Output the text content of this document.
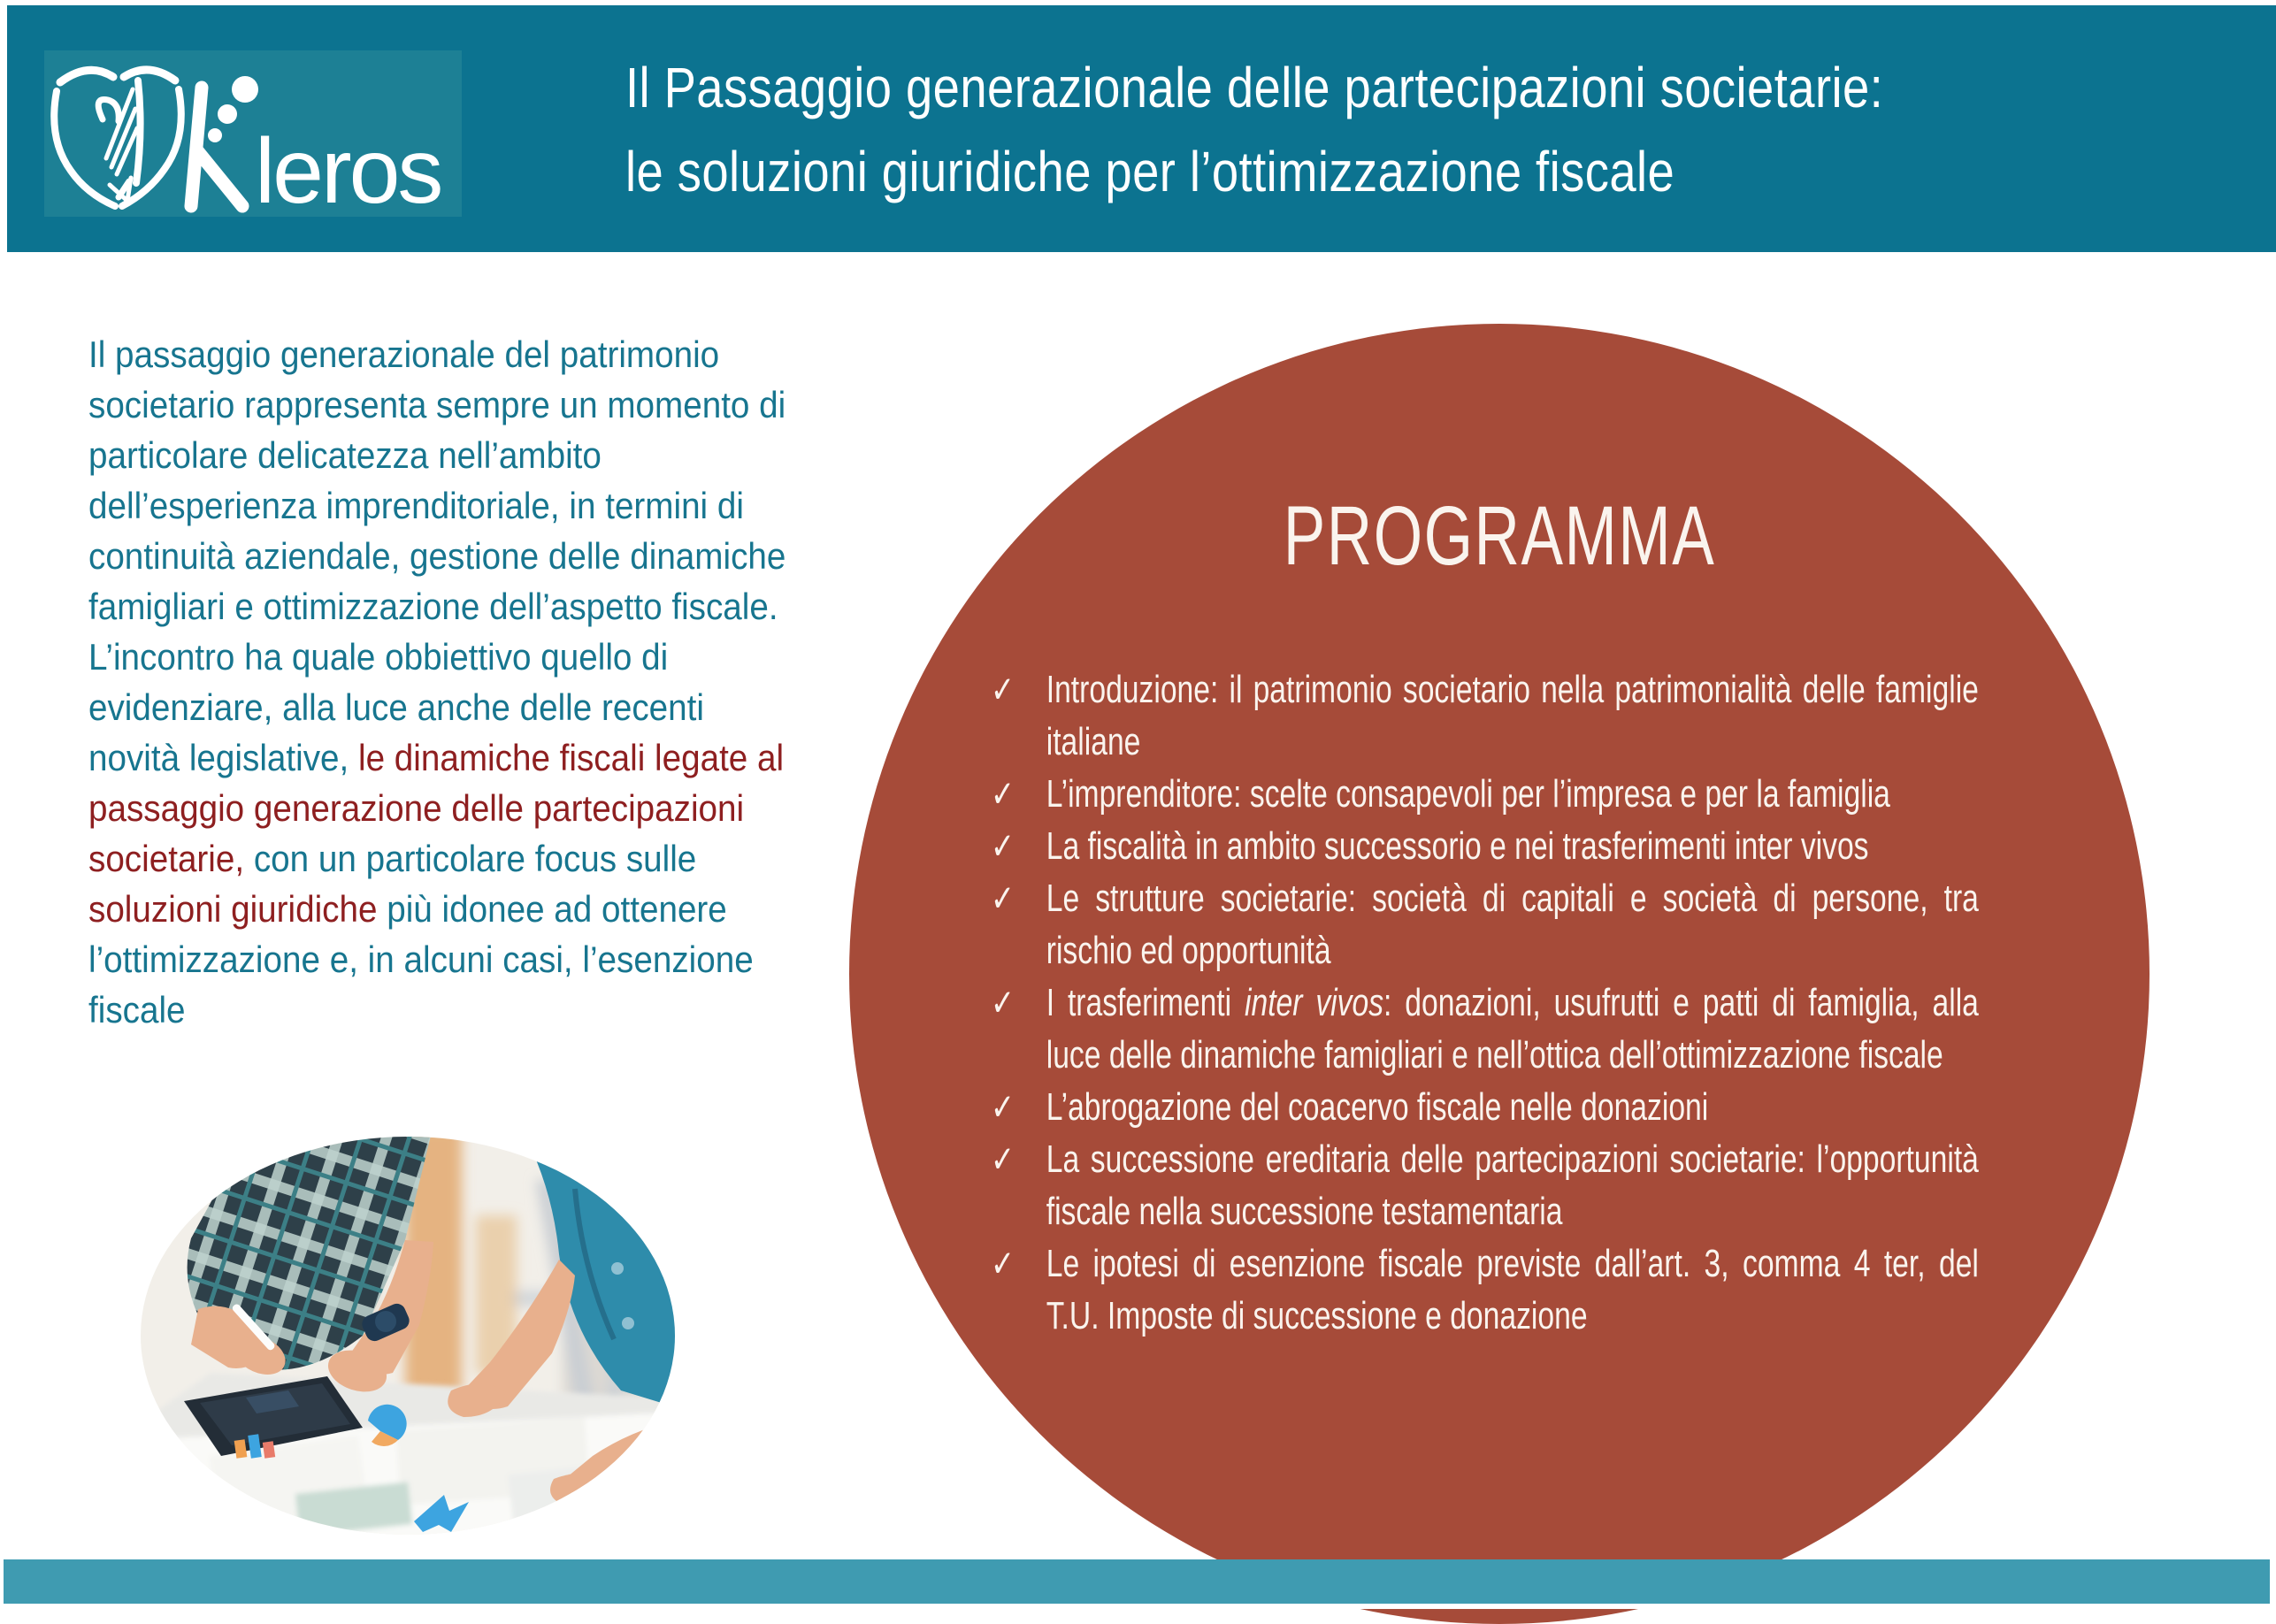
leros
Il Passaggio generazionale delle partecipazioni societarie:
le soluzioni giuridiche per l’ottimizzazione fiscale
Il passaggio generazionale del patrimonio societario rappresenta sempre un momento di particolare delicatezza nell’ambito dell’esperienza imprenditoriale, in termini di continuità aziendale, gestione delle dinamiche famigliari e ottimizzazione dell’aspetto fiscale. L’incontro ha quale obbiettivo quello di evidenziare, alla luce anche delle recenti novità legislative, le dinamiche fiscali legate al passaggio generazione delle partecipazioni societarie, con un particolare focus sulle soluzioni giuridiche più idonee ad ottenere l’ottimizzazione e, in alcuni casi, l’esenzione fiscale
PROGRAMMA
✓ Introduzione: il patrimonio societario nella patrimonialità delle famiglie italiane
✓ L’imprenditore: scelte consapevoli per l’impresa e per la famiglia
✓ La fiscalità in ambito successorio e nei trasferimenti inter vivos
✓ Le strutture societarie: società di capitali e società di persone, tra rischio ed opportunità
✓ I trasferimenti inter vivos: donazioni, usufrutti e patti di famiglia, alla luce delle dinamiche famigliari e nell’ottica dell’ottimizzazione fiscale
✓ L’abrogazione del coacervo fiscale nelle donazioni
✓ La successione ereditaria delle partecipazioni societarie: l’opportunità fiscale nella successione testamentaria
✓ Le ipotesi di esenzione fiscale previste dall’art. 3, comma 4 ter, del T.U. Imposte di successione e donazione
